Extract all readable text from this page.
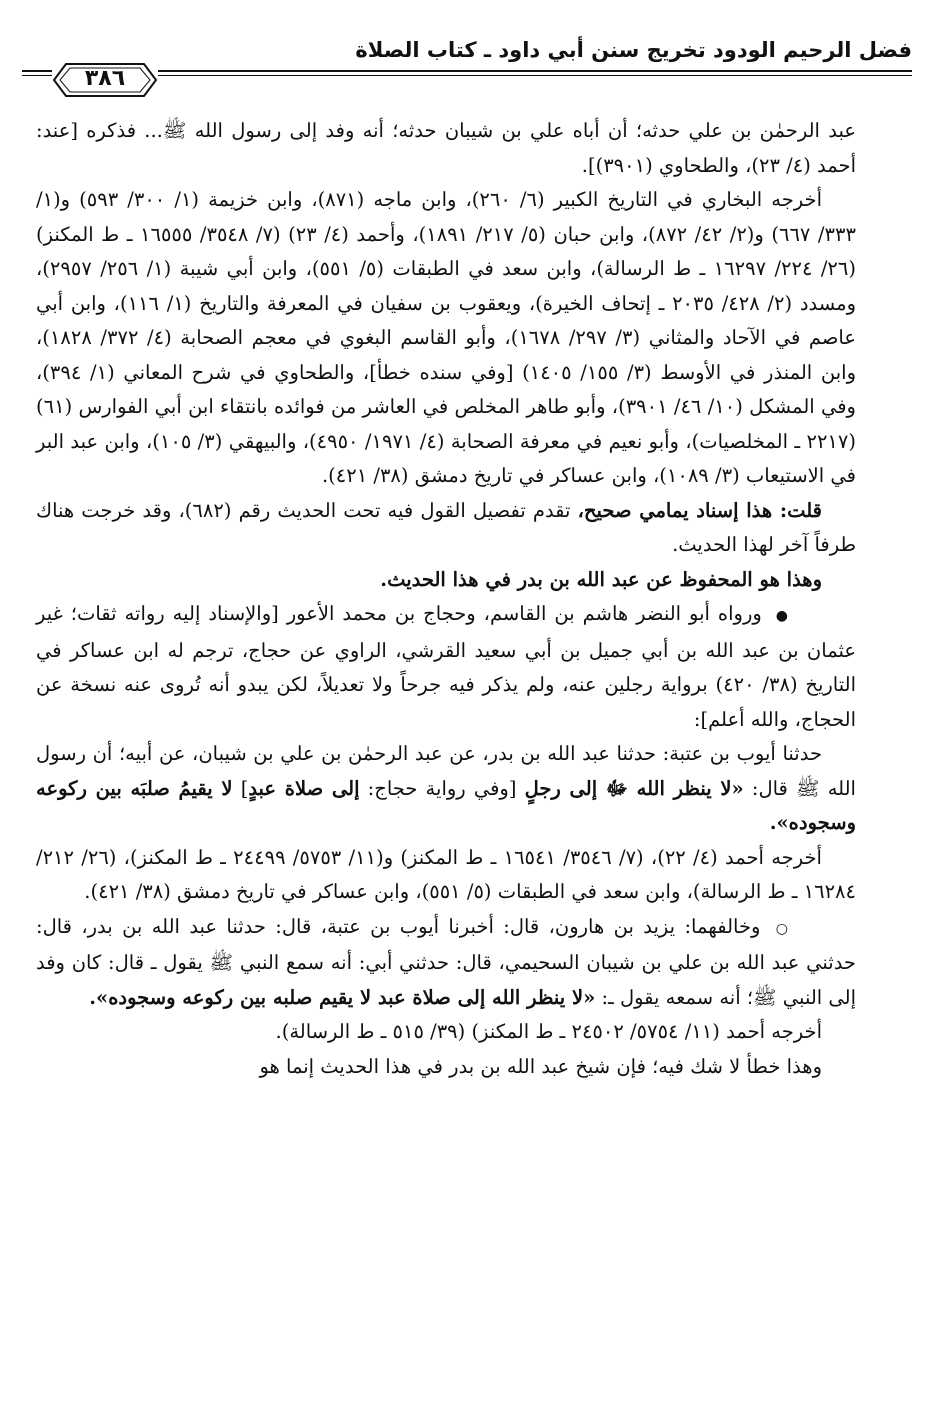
فضل الرحيم الودود تخريج سنن أبي داود ـ كتاب الصلاة
٣٨٦

عبد الرحمٰن بن علي حدثه؛ أن أباه علي بن شيبان حدثه؛ أنه وفد إلى رسول الله ﷺ... فذكره [عند: أحمد (٤/ ٢٣)، والطحاوي (٣٩٠١)].

أخرجه البخاري في التاريخ الكبير (٦/ ٢٦٠)، وابن ماجه (٨٧١)، وابن خزيمة (١/ ٣٠٠/ ٥٩٣) و(١/ ٣٣٣/ ٦٦٧) و(٢/ ٤٢/ ٨٧٢)، وابن حبان (٥/ ٢١٧/ ١٨٩١)، وأحمد (٤/ ٢٣) (٧/ ٣٥٤٨/ ١٦٥٥٥ ـ ط المكنز) (٢٦/ ٢٢٤/ ١٦٢٩٧ ـ ط الرسالة)، وابن سعد في الطبقات (٥/ ٥٥١)، وابن أبي شيبة (١/ ٢٥٦/ ٢٩٥٧)، ومسدد (٢/ ٤٢٨/ ٢٠٣٥ ـ إتحاف الخيرة)، ويعقوب بن سفيان في المعرفة والتاريخ (١/ ١١٦)، وابن أبي عاصم في الآحاد والمثاني (٣/ ٢٩٧/ ١٦٧٨)، وأبو القاسم البغوي في معجم الصحابة (٤/ ٣٧٢/ ١٨٢٨)، وابن المنذر في الأوسط (٣/ ١٥٥/ ١٤٠٥) [وفي سنده خطأ]، والطحاوي في شرح المعاني (١/ ٣٩٤)، وفي المشكل (١٠/ ٤٦/ ٣٩٠١)، وأبو طاهر المخلص في العاشر من فوائده بانتقاء ابن أبي الفوارس (٦١) (٢٢١٧ ـ المخلصيات)، وأبو نعيم في معرفة الصحابة (٤/ ١٩٧١/ ٤٩٥٠)، والبيهقي (٣/ ١٠٥)، وابن عبد البر في الاستيعاب (٣/ ١٠٨٩)، وابن عساكر في تاريخ دمشق (٣٨/ ٤٢١).

قلت: هذا إسناد يمامي صحيح، تقدم تفصيل القول فيه تحت الحديث رقم (٦٨٢)، وقد خرجت هناك طرفاً آخر لهذا الحديث.

وهذا هو المحفوظ عن عبد الله بن بدر في هذا الحديث.

● ورواه أبو النضر هاشم بن القاسم، وحجاج بن محمد الأعور [والإسناد إليه رواته ثقات؛ غير عثمان بن عبد الله بن أبي جميل بن أبي سعيد القرشي، الراوي عن حجاج، ترجم له ابن عساكر في التاريخ (٣٨/ ٤٢٠) برواية رجلين عنه، ولم يذكر فيه جرحاً ولا تعديلاً، لكن يبدو أنه تُروى عنه نسخة عن الحجاج، والله أعلم]:

حدثنا أيوب بن عتبة: حدثنا عبد الله بن بدر، عن عبد الرحمٰن بن علي بن شيبان، عن أبيه؛ أن رسول الله ﷺ قال: «لا ينظر الله ﷻ إلى رجلٍ [وفي رواية حجاج: إلى صلاة عبدٍ] لا يقيمُ صلبَه بين ركوعه وسجوده».

أخرجه أحمد (٤/ ٢٢)، (٧/ ٣٥٤٦/ ١٦٥٤١ ـ ط المكنز) و(١١/ ٥٧٥٣/ ٢٤٤٩٩ ـ ط المكنز)، (٢٦/ ٢١٢/ ١٦٢٨٤ ـ ط الرسالة)، وابن سعد في الطبقات (٥/ ٥٥١)، وابن عساكر في تاريخ دمشق (٣٨/ ٤٢١).

○ وخالفهما: يزيد بن هارون، قال: أخبرنا أيوب بن عتبة، قال: حدثنا عبد الله بن بدر، قال: حدثني عبد الله بن علي بن شيبان السحيمي، قال: حدثني أبي: أنه سمع النبي ﷺ يقول ـ قال: كان وفد إلى النبي ﷺ؛ أنه سمعه يقول ـ: «لا ينظر الله إلى صلاة عبد لا يقيم صلبه بين ركوعه وسجوده».

أخرجه أحمد (١١/ ٥٧٥٤/ ٢٤٥٠٢ ـ ط المكنز) (٣٩/ ٥١٥ ـ ط الرسالة).

وهذا خطأ لا شك فيه؛ فإن شيخ عبد الله بن بدر في هذا الحديث إنما هو
